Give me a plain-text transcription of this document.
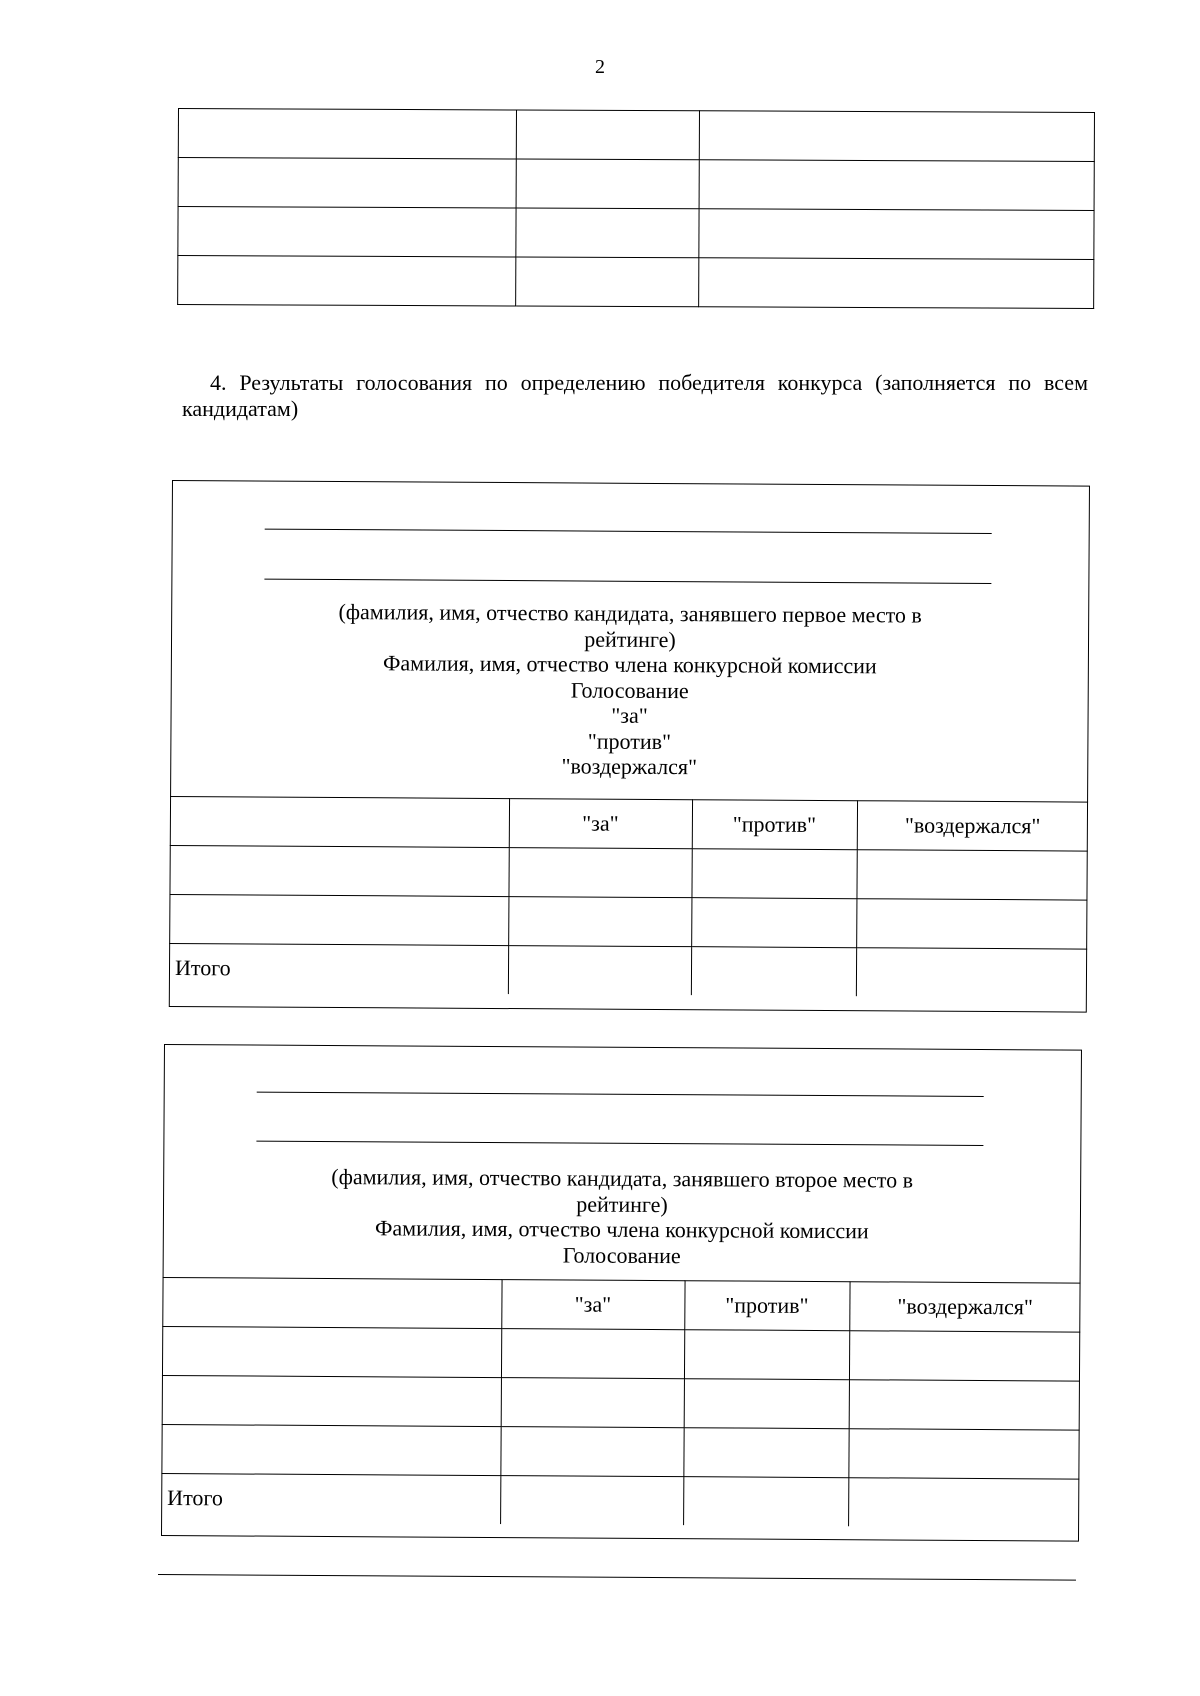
2

4. Результаты голосования по определению победителя конкурса (заполняется по всем кандидатам)
(фамилия, имя, отчество кандидата, занявшего первое место в
рейтинге)
Фамилия, имя, отчество члена конкурсной комиссии
Голосование
"за"
"против"
"воздержался"
	"за"	"против"	"воздержался"

Итого			
(фамилия, имя, отчество кандидата, занявшего второе место в
рейтинге)
Фамилия, имя, отчество члена конкурсной комиссии
Голосование
	"за"	"против"	"воздержался"

Итого			
